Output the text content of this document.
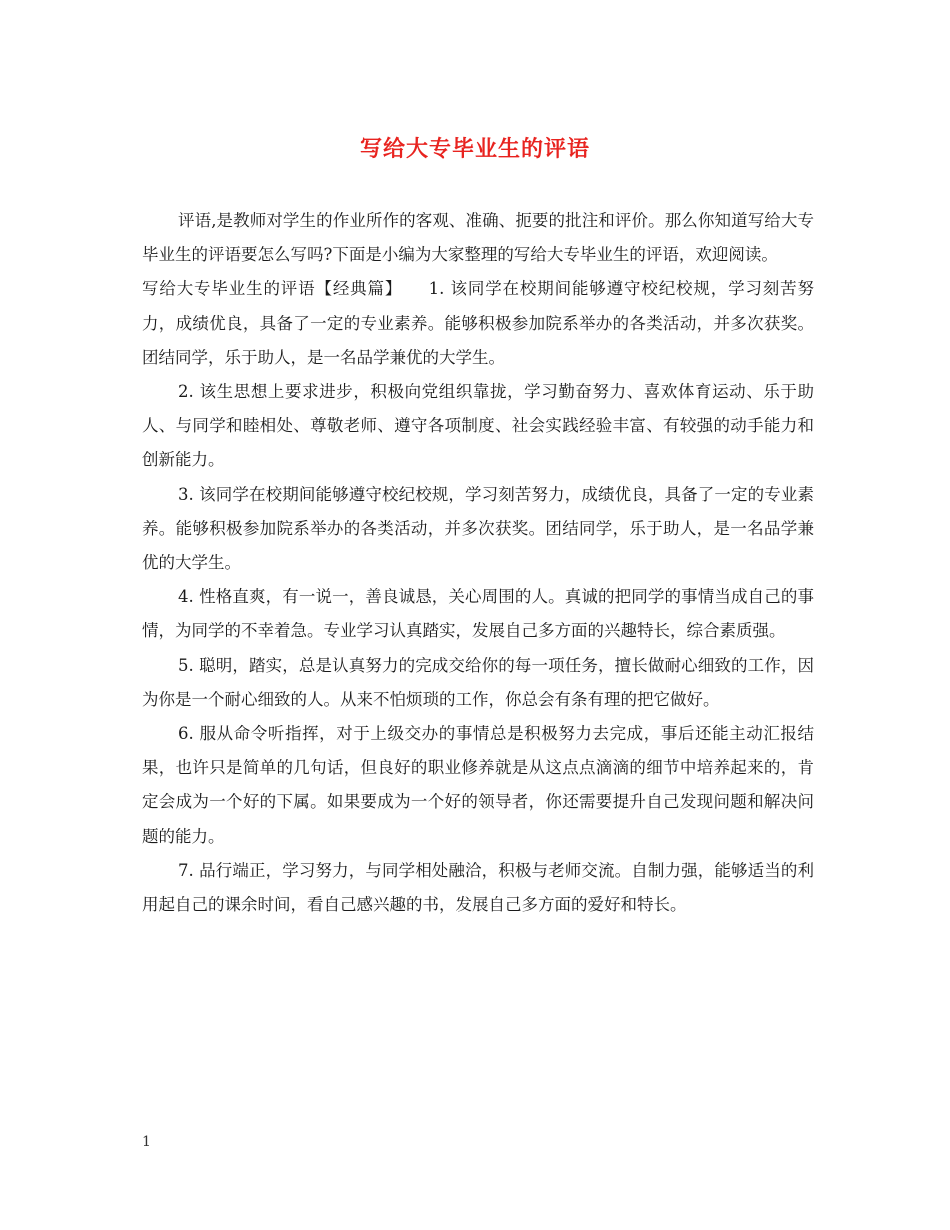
写给大专毕业生的评语

评语,是教师对学生的作业所作的客观、准确、扼要的批注和评价。那么你知道写给大专毕业生的评语要怎么写吗?下面是小编为大家整理的写给大专毕业生的评语，欢迎阅读。

写给大专毕业生的评语【经典篇】　　1. 该同学在校期间能够遵守校纪校规，学习刻苦努力，成绩优良，具备了一定的专业素养。能够积极参加院系举办的各类活动，并多次获奖。团结同学，乐于助人，是一名品学兼优的大学生。

2. 该生思想上要求进步，积极向党组织靠拢，学习勤奋努力、喜欢体育运动、乐于助人、与同学和睦相处、尊敬老师、遵守各项制度、社会实践经验丰富、有较强的动手能力和创新能力。

3. 该同学在校期间能够遵守校纪校规，学习刻苦努力，成绩优良，具备了一定的专业素养。能够积极参加院系举办的各类活动，并多次获奖。团结同学，乐于助人，是一名品学兼优的大学生。

4. 性格直爽，有一说一，善良诚恳，关心周围的人。真诚的把同学的事情当成自己的事情，为同学的不幸着急。专业学习认真踏实，发展自己多方面的兴趣特长，综合素质强。

5. 聪明，踏实，总是认真努力的完成交给你的每一项任务，擅长做耐心细致的工作，因为你是一个耐心细致的人。从来不怕烦琐的工作，你总会有条有理的把它做好。

6. 服从命令听指挥，对于上级交办的事情总是积极努力去完成，事后还能主动汇报结果，也许只是简单的几句话，但良好的职业修养就是从这点点滴滴的细节中培养起来的，肯定会成为一个好的下属。如果要成为一个好的领导者，你还需要提升自己发现问题和解决问题的能力。

7. 品行端正，学习努力，与同学相处融洽，积极与老师交流。自制力强，能够适当的利用起自己的课余时间，看自己感兴趣的书，发展自己多方面的爱好和特长。

1
